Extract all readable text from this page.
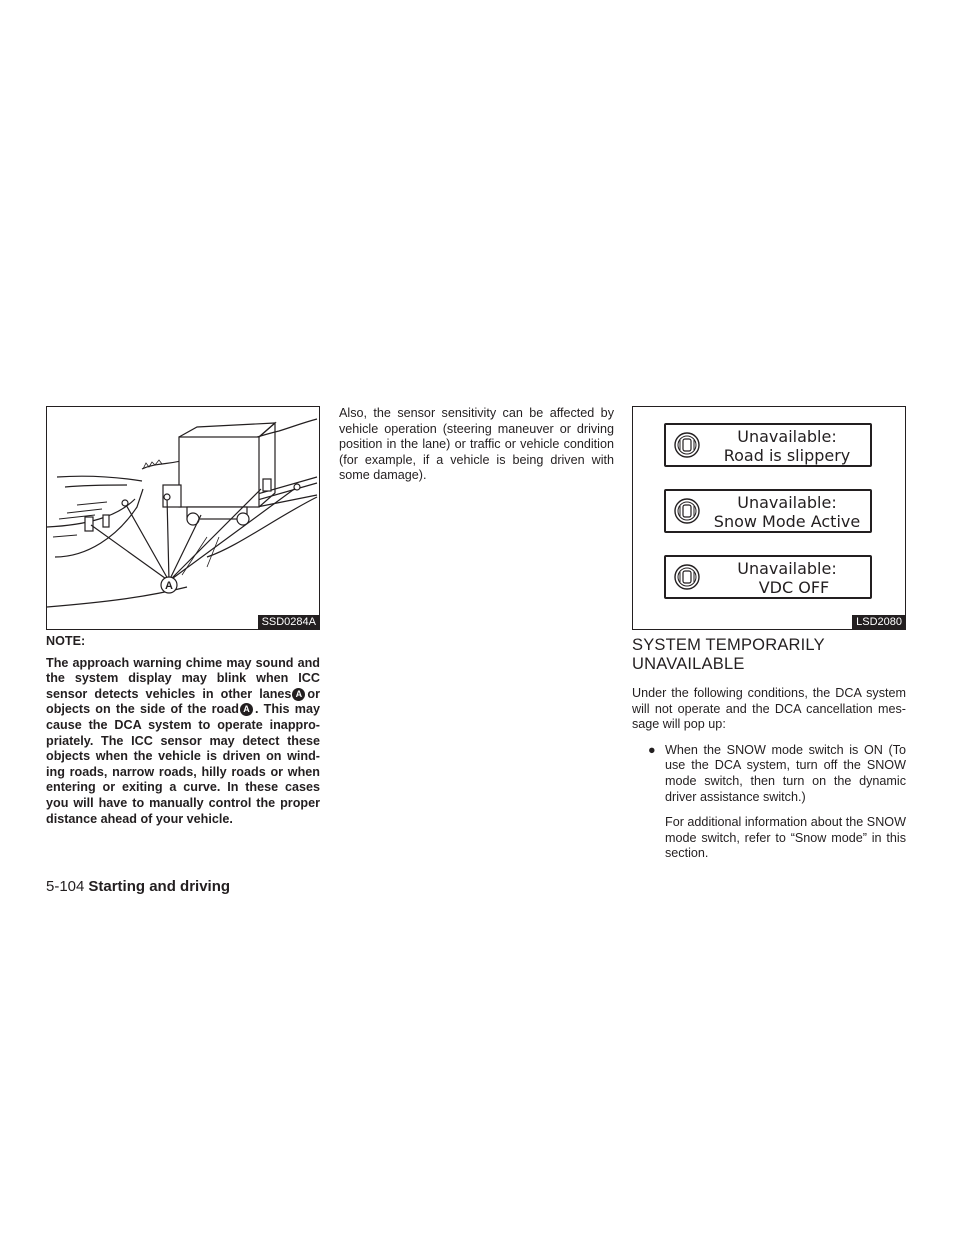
A
SSD0284A
Unavailable:
Road is slippery
Unavailable:
Snow Mode Active
Unavailable:
VDC OFF
LSD2080

NOTE:

The approach warning chime may sound and the system display may blink when ICC sensor detects vehicles in other lanes A or objects on the side of the road A . This may cause the DCA system to operate inappro-priately. The ICC sensor may detect these objects when the vehicle is driven on wind-ing roads, narrow roads, hilly roads or when entering or exiting a curve. In these cases you will have to manually control the proper distance ahead of your vehicle.

Also, the sensor sensitivity can be affected by vehicle operation (steering maneuver or driving position in the lane) or traffic or vehicle condition (for example, if a vehicle is being driven with some damage).

SYSTEM TEMPORARILY
UNAVAILABLE

Under the following conditions, the DCA system will not operate and the DCA cancellation mes-sage will pop up:

● When the SNOW mode switch is ON (To use the DCA system, turn off the SNOW mode switch, then turn on the dynamic driver assistance switch.)
For additional information about the SNOW mode switch, refer to “Snow mode” in this section.
5-104 Starting and driving
